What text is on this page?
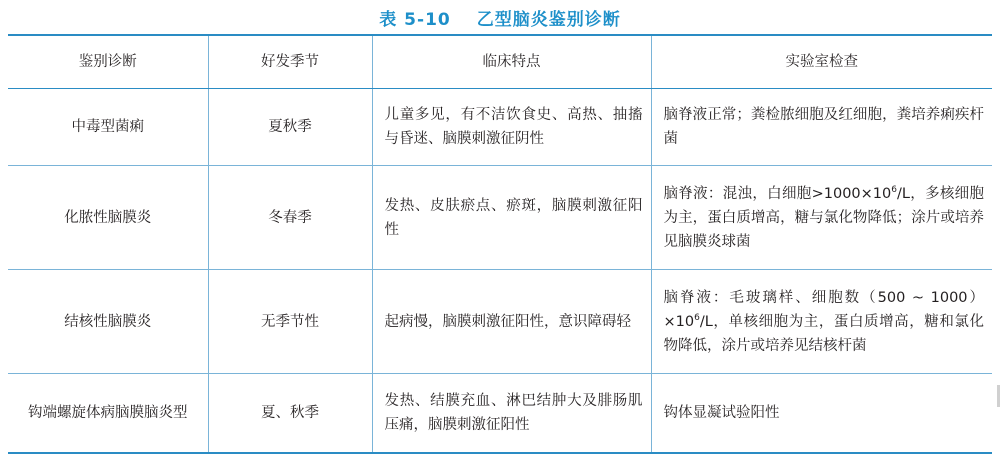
表 5-10 乙型脑炎鉴别诊断
鉴别诊断	好发季节	临床特点	实验室检查
中毒型菌痢	夏秋季	儿童多见，有不洁饮食史、高热、抽搐与昏迷、脑膜刺激征阴性	脑脊液正常；粪检脓细胞及红细胞，粪培养痢疾杆菌
化脓性脑膜炎	冬春季	发热、皮肤瘀点、瘀斑，脑膜刺激征阳性	脑脊液：混浊，白细胞$>1000\times 10^6/L$，多核细胞为主，蛋白质增高，糖与氯化物降低；涂片或培养见脑膜炎球菌
结核性脑膜炎	无季节性	起病慢，脑膜刺激征阳性，意识障碍轻	脑脊液：毛玻璃样、细胞数（500 ~ $1000)\times 10^6/L$，单核细胞为主，蛋白质增高，糖和氯化物降低，涂片或培养见结核杆菌
钩端螺旋体病脑膜脑炎型	夏、秋季	发热、结膜充血、淋巴结肿大及腓肠肌压痛，脑膜刺激征阳性	钩体显凝试验阳性
